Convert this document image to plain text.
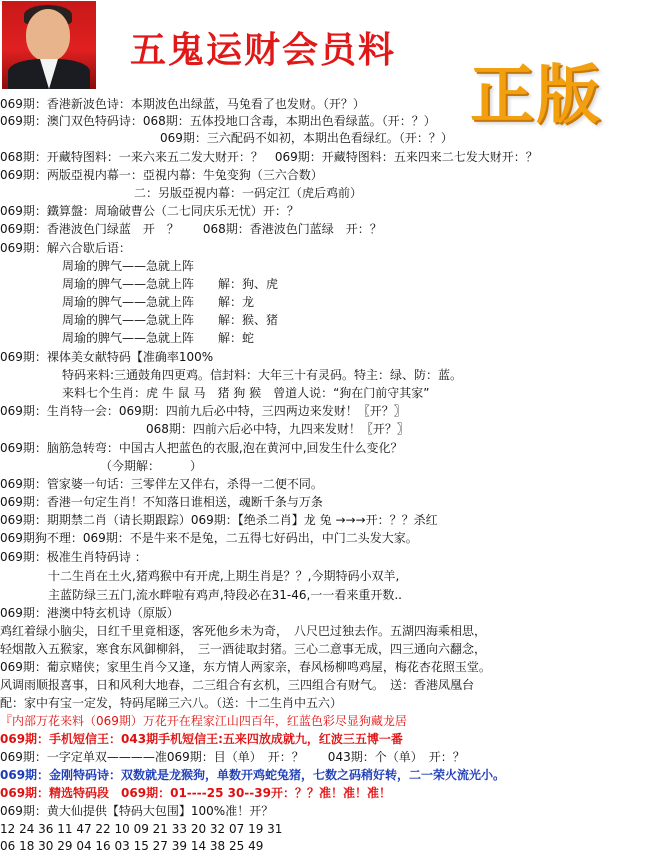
五鬼运财会员料
正版
069期：香港新波色诗：本期波色出绿蓝，马兔看了也发财。（开？）
069期：澳门双色特码诗：068期：五体投地口含毒，本期出色看绿蓝。（开：？）
069期：三六配码不如初，本期出色看绿红。（开：？）
068期：开藏特图料：一来六来五二发大财开：？　069期：开藏特图料：五来四来二七发大财开：？
069期：两版亞視内幕一：亞視内幕：牛兔变狗（三六合数）
二：另版亞視内幕：一码定江（虎后鸡前）
069期：鐵算盤：周瑜破曹公（二七同庆乐无忧）开：？
069期：香港波色门绿蓝　开　？　　068期：香港波色门蓝绿　开：？
069期：解六合歇后语：
周瑜的脾气——急就上阵
周瑜的脾气——急就上阵　　解：狗、虎
周瑜的脾气——急就上阵　　解：龙
周瑜的脾气——急就上阵　　解：猴、猪
周瑜的脾气——急就上阵　　解：蛇
069期：裸体美女献特码【准确率100%
特码来料:三通鼓角四更鸡。信封料：大年三十有灵码。特主：绿、防：蓝。
来料七个生肖：虎 牛 鼠 马　猪 狗 猴　曾道人说：“狗在门前守其家”
069期：生肖特一会：069期：四前九后必中特，三四两边来发财！〖开？〗
068期：四前六后必中特，九四来发财！〖开？〗
069期：脑筋急转弯：中国古人把蓝色的衣服,泡在黄河中,回发生什么变化？
（今期解：　　　）
069期：管家婆一句话：三零伴左又伴右，杀得一二便不同。
069期：香港一句定生肖！不知落日谁相送，魂断千条与万条
069期：期期禁二肖（请长期跟踪）069期：【绝杀二肖】龙 兔 →→→开：？？杀红
069期狗不理：069期：不是牛来不是兔，二五得七好码出，中门二头发大家。
069期：极准生肖特码诗 ：
十二生肖在土火,猪鸡猴中有开虎,上期生肖是？？,今期特码小双羊,
主蓝防绿三五门,流水畔啦有鸡声,特段必在31-46,一一看来重开数..
069期：港澳中特玄机诗（原版）
鸡红着绿小脑尖，日红千里竟相逐，客死他乡未为奇，　八尺巴过独去作。五湖四海乘相思，
轻烟散入五猴家，寒食东风御柳斜，　三一酒徒取封猪。三心二意事无成，四三通向六翻念，
069期：葡京赌侠；家里生肖今又逢，东方情人两家亲，春风杨柳鸣鸡屋，梅花杏花照玉堂。
风调雨顺报喜事，日和风利大地春，二三组合有玄机，三四组合有财气。　送：香港凤凰台
配：家中有宝一定发，特码尾睇三六八。（送：十二生肖中五六）
『内部万花来料（069期）万花开在程家江山四百年，红蓝色彩尽显狗藏龙居
069期：手机短信王：043期手机短信王:五来四放成就九，红波三五博一番
069期：一字定单双————准069期：目（单）　开：？　　043期：个（单）　开：？
069期：金刚特码诗：双数就是龙猴狗，单数开鸡蛇兔猪，七数之码稍好转，二一荣火流光小。
069期：精选特码段　069期：01----25 30--39开：？？准！准！准！
069期：黄大仙提供【特码大包围】100%准！开？
12 24 36 11 47 22 10 09 21 33 20 32 07 19 31
06 18 30 29 04 16 03 15 27 39 14 38 25 49
